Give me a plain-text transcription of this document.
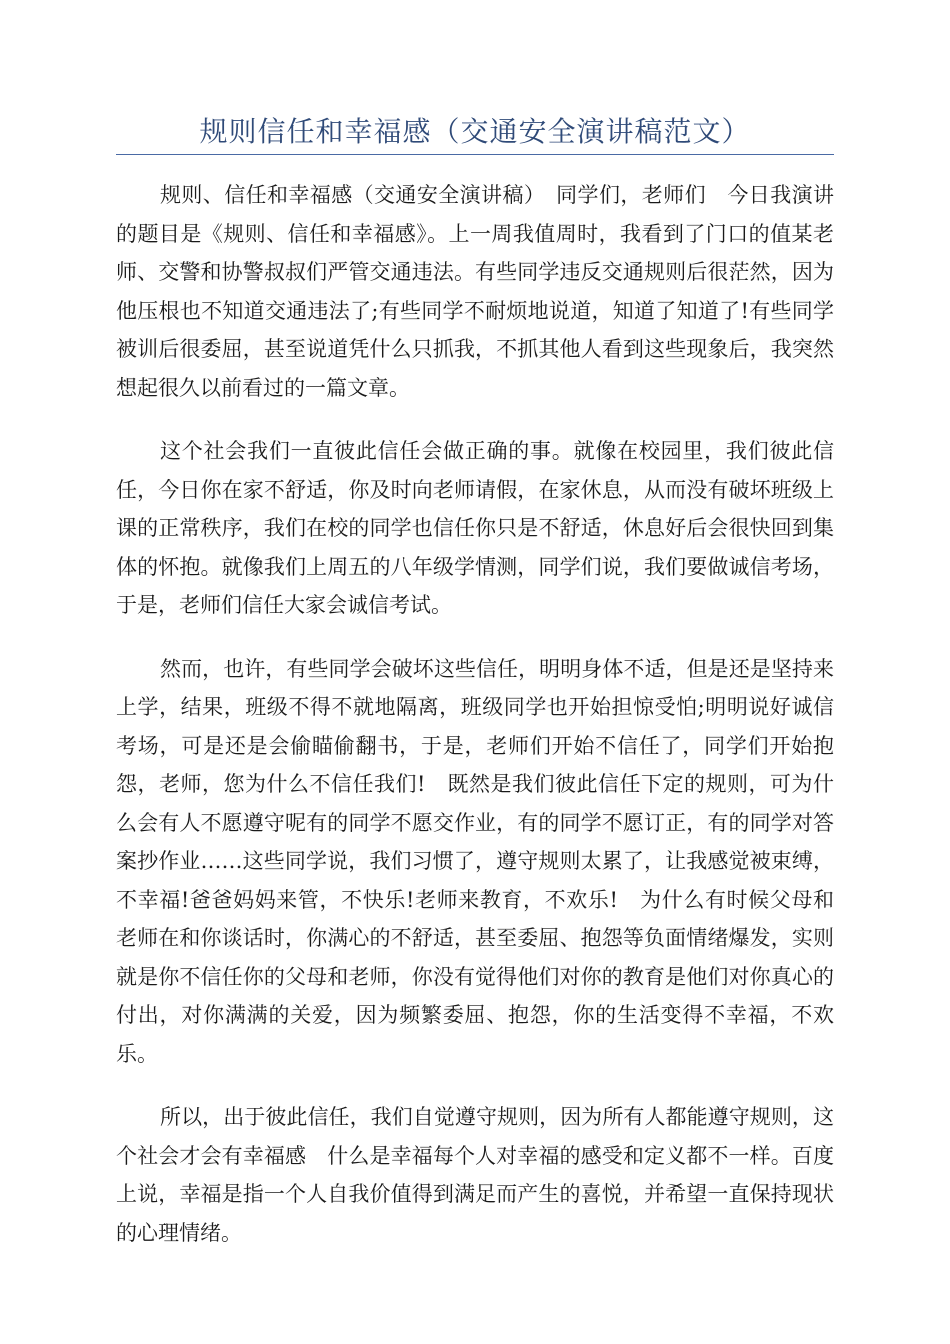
规则信任和幸福感（交通安全演讲稿范文）

规则、信任和幸福感（交通安全演讲稿）　同学们，老师们　今日我演讲的题目是《规则、信任和幸福感》。上一周我值周时，我看到了门口的值某老师、交警和协警叔叔们严管交通违法。有些同学违反交通规则后很茫然，因为他压根也不知道交通违法了;有些同学不耐烦地说道，知道了知道了!有些同学被训后很委屈，甚至说道凭什么只抓我，不抓其他人看到这些现象后，我突然想起很久以前看过的一篇文章。

这个社会我们一直彼此信任会做正确的事。就像在校园里，我们彼此信任，今日你在家不舒适，你及时向老师请假，在家休息，从而没有破坏班级上课的正常秩序，我们在校的同学也信任你只是不舒适，休息好后会很快回到集体的怀抱。就像我们上周五的八年级学情测，同学们说，我们要做诚信考场，于是，老师们信任大家会诚信考试。

然而，也许，有些同学会破坏这些信任，明明身体不适，但是还是坚持来上学，结果，班级不得不就地隔离，班级同学也开始担惊受怕;明明说好诚信考场，可是还是会偷瞄偷翻书，于是，老师们开始不信任了，同学们开始抱怨，老师，您为什么不信任我们!　既然是我们彼此信任下定的规则，可为什么会有人不愿遵守呢有的同学不愿交作业，有的同学不愿订正，有的同学对答案抄作业……这些同学说，我们习惯了，遵守规则太累了，让我感觉被束缚，不幸福!爸爸妈妈来管，不快乐!老师来教育，不欢乐!　为什么有时候父母和老师在和你谈话时，你满心的不舒适，甚至委屈、抱怨等负面情绪爆发，实则就是你不信任你的父母和老师，你没有觉得他们对你的教育是他们对你真心的付出，对你满满的关爱，因为频繁委屈、抱怨，你的生活变得不幸福，不欢乐。

所以，出于彼此信任，我们自觉遵守规则，因为所有人都能遵守规则，这个社会才会有幸福感　什么是幸福每个人对幸福的感受和定义都不一样。百度上说，幸福是指一个人自我价值得到满足而产生的喜悦，并希望一直保持现状的心理情绪。
